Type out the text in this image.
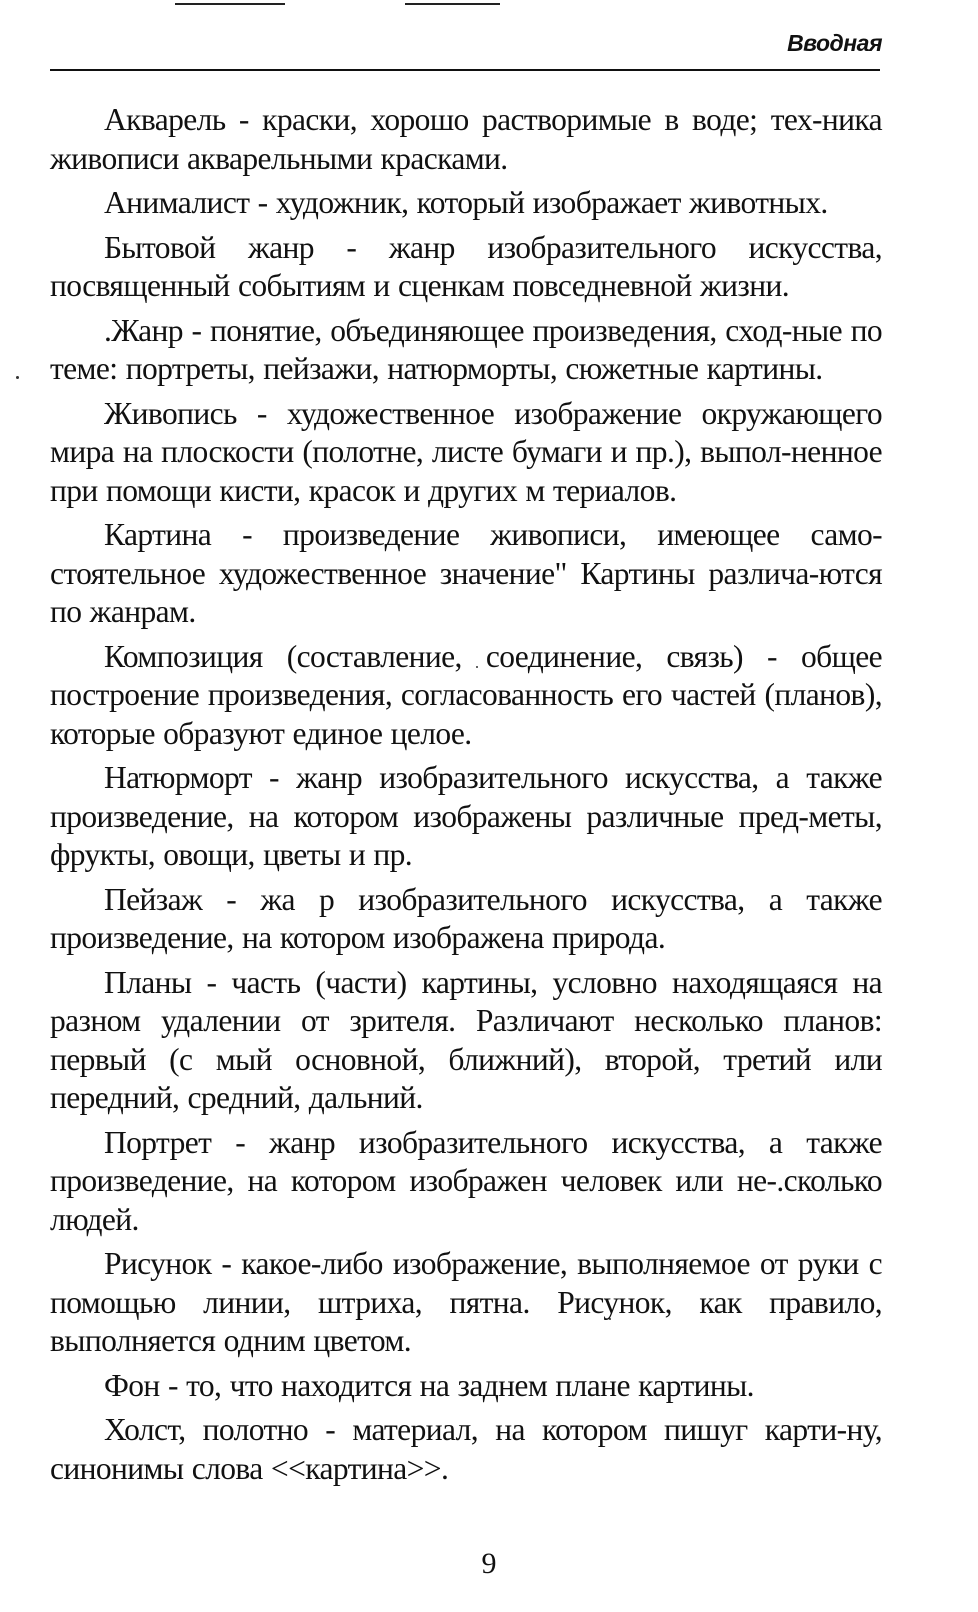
Вводная

Акварель - краски, хорошо растворимые в воде; тех-ника живописи акварельными красками.

Анималист - художник, который изображает животных.

Бытовой жанр - жанр изобразительного искусства, посвященный событиям и сценкам повседневной жизни.

.Жанр - понятие, объединяющее произведения, сход-ные по теме: портреты, пейзажи, натюрморты, сюжетные картины.

Живопись - художественное изображение окружающего мира на плоскости (полотне, листе бумаги и пр.), выпол-ненное при помощи кисти, красок и других м териалов.

Картина - произведение живописи, имеющее само-стоятельное художественное значение" Картины различа-ются по жанрам.

Композиция (составление, соединение, связь) - общее построение произведения, согласованность его частей (планов), которые образуют единое целое.

Натюрморт - жанр изобразительного искусства, а также произведение, на котором изображены различные пред-меты, фрукты, овощи, цветы и пр.

Пейзаж - жа р изобразительного искусства, а также произведение, на котором изображена природа.

Планы - часть (части) картины, условно находящаяся на разном удалении от зрителя. Различают несколько планов: первый (с мый основной, ближний), второй, третий или передний, средний, дальний.

Портрет - жанр изобразительного искусства, а также произведение, на котором изображен человек или не-.сколько людей.

Рисунок - какое-либо изображение, выполняемое от руки с помощью линии, штриха, пятна. Рисунок, как правило, выполняется одним цветом.

Фон - то, что находится на заднем плане картины.

Холст, полотно - материал, на котором пишуг карти-ну, синонимы слова <<картина>>.

9
